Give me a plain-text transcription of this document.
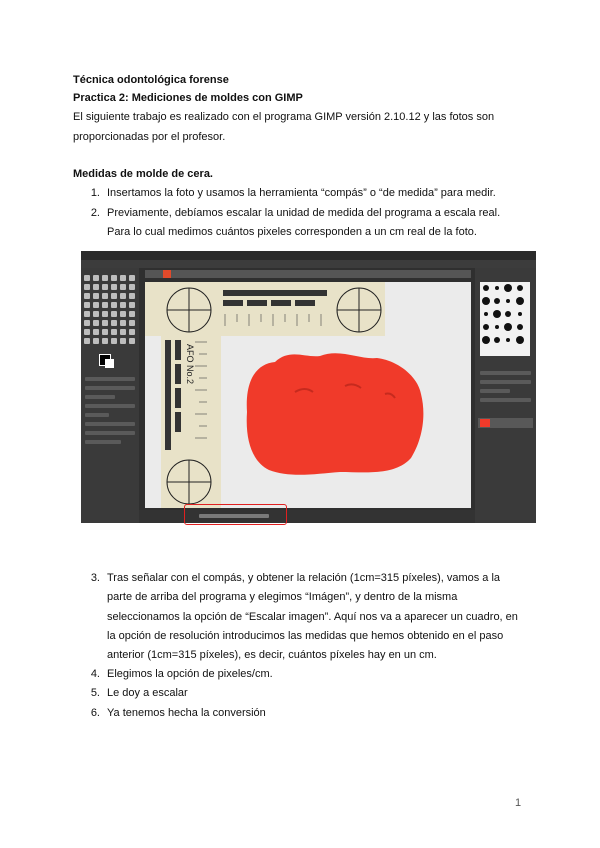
Técnica odontológica forense
Practica 2: Mediciones de moldes con GIMP
El siguiente trabajo es realizado con el programa GIMP versión 2.10.12 y las fotos son
proporcionadas por el profesor.
Medidas de molde de cera.
1. Insertamos la foto y usamos la herramienta “compás” o “de medida” para medir.
2. Previamente, debíamos escalar la unidad de medida del programa a escala real.
Para lo cual medimos cuántos pixeles corresponden a un cm real de la foto.
AFO No.2
3. Tras señalar con el compás, y obtener la relación (1cm=315 píxeles), vamos a la
parte de arriba del programa y elegimos “Imágen”, y dentro de la misma
seleccionamos la opción de “Escalar imagen”. Aquí nos va a aparecer un cuadro, en
la opción de resolución introducimos las medidas que hemos obtenido en el paso
anterior (1cm=315 píxeles), es decir, cuántos píxeles hay en un cm.
4. Elegimos la opción de pixeles/cm.
5. Le doy a escalar
6. Ya tenemos hecha la conversión
1
